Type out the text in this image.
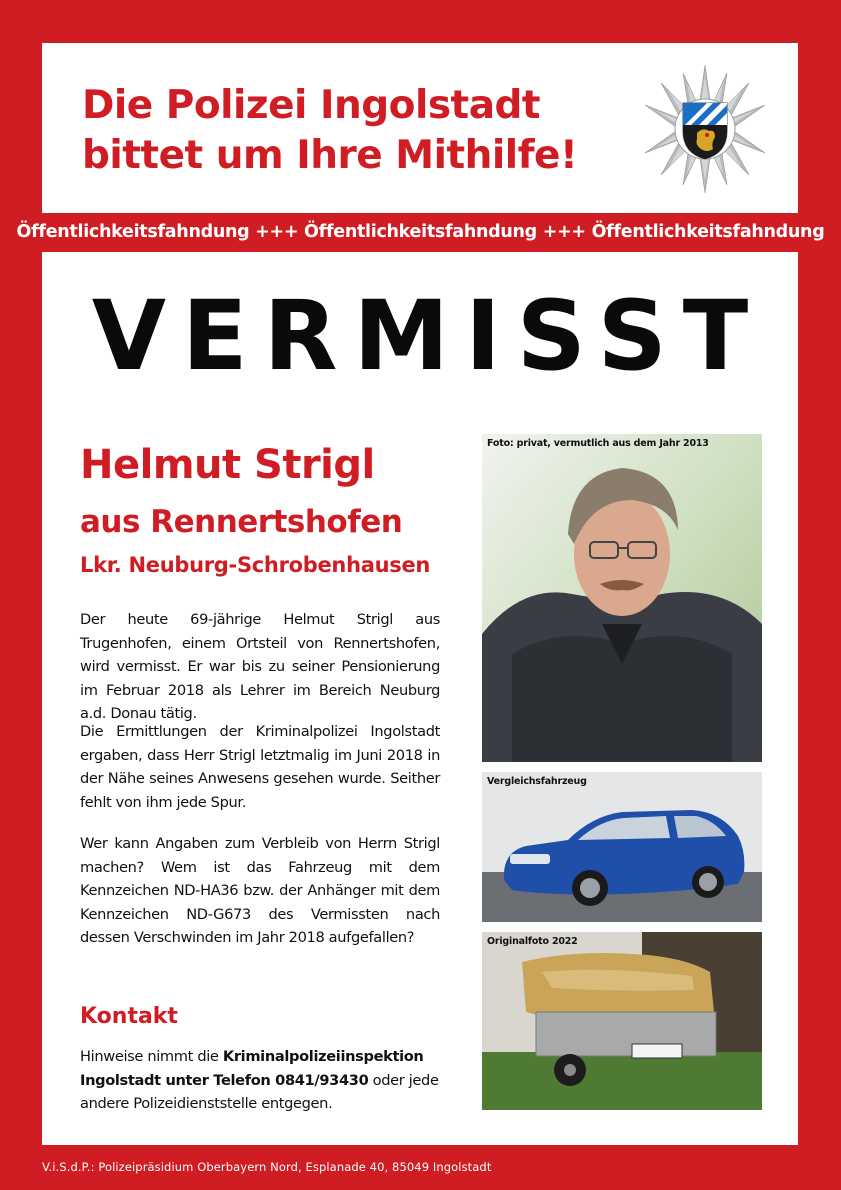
Die Polizei Ingolstadt
bittet um Ihre Mithilfe!
Öffentlichkeitsfahndung +++ Öffentlichkeitsfahndung +++ Öffentlichkeitsfahndung
VERMISST
Helmut Strigl
aus Rennertshofen
Lkr. Neuburg-Schrobenhausen

Der heute 69-jährige Helmut Strigl aus Trugenhofen, einem Ortsteil von Rennertshofen, wird vermisst. Er war bis zu seiner Pensionierung im Februar 2018 als Lehrer im Bereich Neuburg a.d. Donau tätig.

Die Ermittlungen der Kriminalpolizei Ingolstadt ergaben, dass Herr Strigl letztmalig im Juni 2018 in der Nähe seines Anwesens gesehen wurde. Seither fehlt von ihm jede Spur.

Wer kann Angaben zum Verbleib von Herrn Strigl machen? Wem ist das Fahrzeug mit dem Kennzeichen ND-HA36 bzw. der Anhänger mit dem Kennzeichen ND-G673 des Vermissten nach dessen Verschwinden im Jahr 2018 aufgefallen?

Kontakt

Hinweise nimmt die Kriminalpolizeiinspektion Ingolstadt unter Telefon 0841/93430 oder jede andere Polizeidienststelle entgegen.

Foto: privat, vermutlich aus dem Jahr 2013

Vergleichsfahrzeug

Originalfoto 2022

V.i.S.d.P.: Polizeipräsidium Oberbayern Nord, Esplanade 40, 85049 Ingolstadt
